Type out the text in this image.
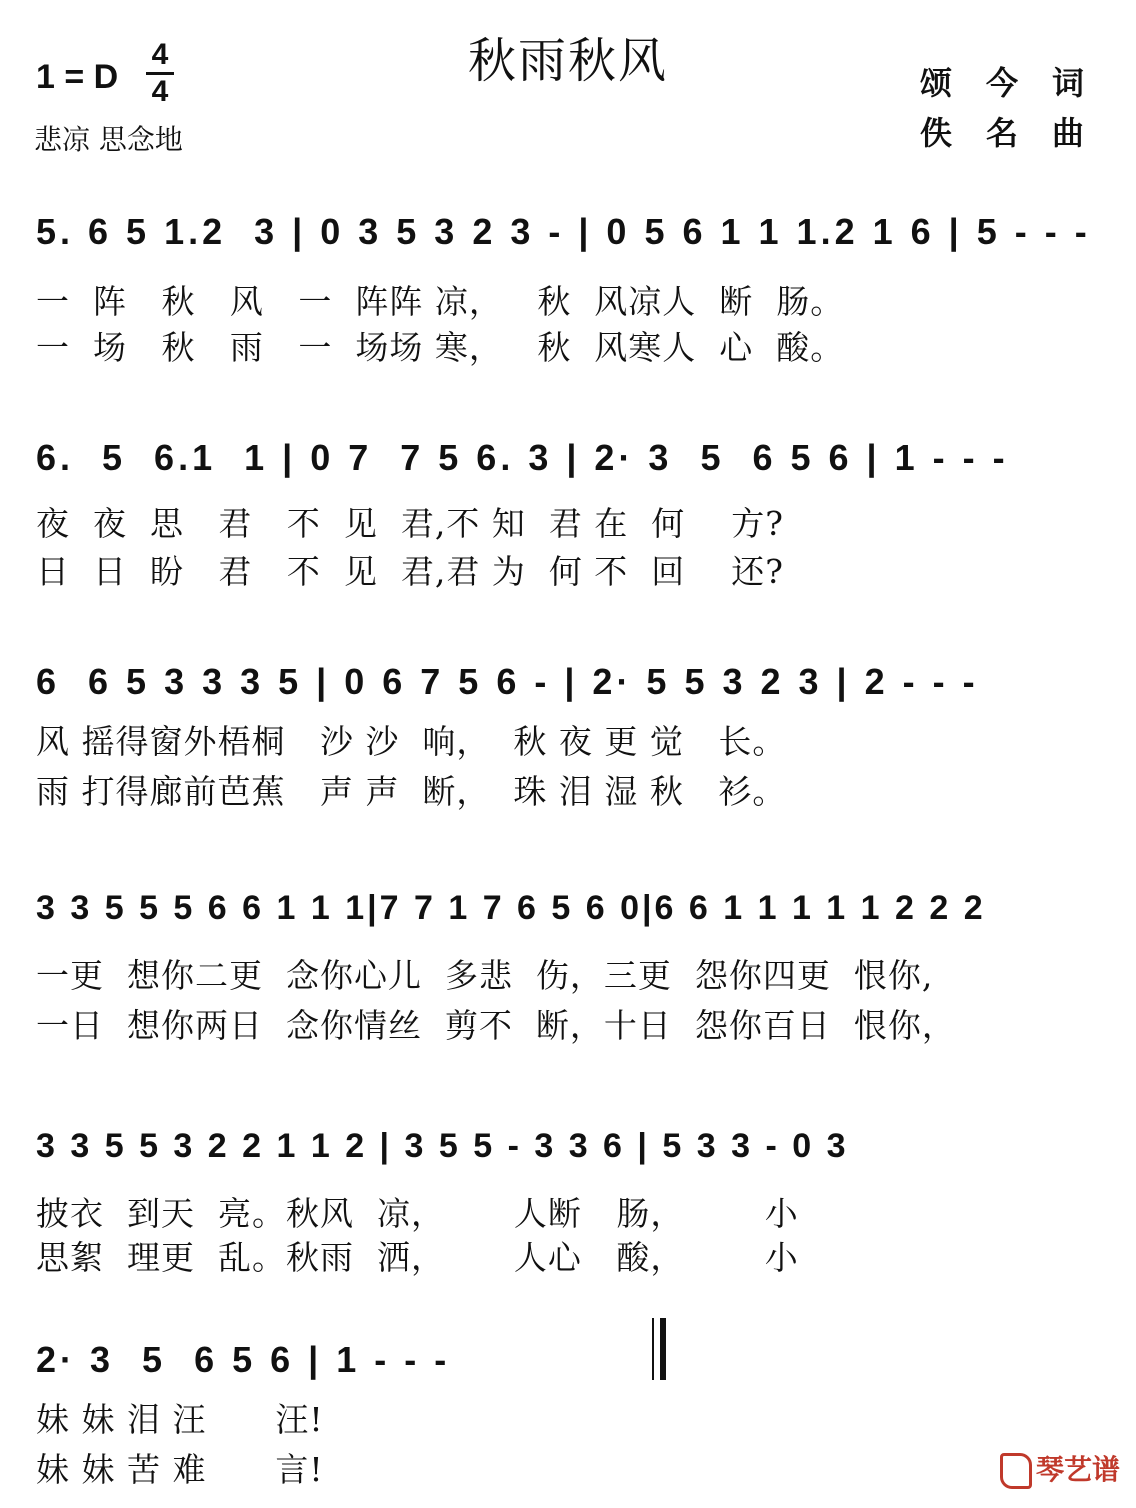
秋雨秋风
1 = D
4
4
悲凉 思念地
颂今词
佚名曲
5. 6 5 1.2  3 | 0 3 5 3 2 3 - | 0 5 6 1 1 1.2 1 6 | 5 - - -
一  阵   秋   风   一  阵阵 凉，   秋  风凉人  断  肠。
一  场   秋   雨   一  场场 寒，   秋  风寒人  心  酸。
6.  5  6.1  1 | 0 7  7 5 6. 3 | 2· 3  5  6 5 6 | 1 - - -
夜  夜  思   君   不  见  君,不 知  君 在  何    方?
日  日  盼   君   不  见  君,君 为  何 不  回    还?
6  6 5 3 3 3 5 | 0 6 7 5 6 - | 2· 5 5 3 2 3 | 2 - - -
风 摇得窗外梧桐   沙 沙  响，  秋 夜 更 觉   长。
雨 打得廊前芭蕉   声 声  断，  珠 泪 湿 秋   衫。
3 3 5 5 5 6 6 1 1 1|7 7 1 7 6 5 6 0|6 6 1 1 1 1 1 2 2 2
一更  想你二更  念你心儿  多悲  伤，三更  怨你四更  恨你,
一日  想你两日  念你情丝  剪不  断，十日  怨你百日  恨你，
3 3 5 5 3 2 2 1 1 2 | 3 5 5 - 3 3 6 | 5 3 3 - 0 3
披衣  到天  亮。秋风  凉，      人断   肠，       小
思絮  理更  乱。秋雨  洒，      人心   酸，       小
2· 3  5  6 5 6 | 1 - - -
妹 妹 泪 汪      汪!
妹 妹 苦 难      言!	琴艺谱
